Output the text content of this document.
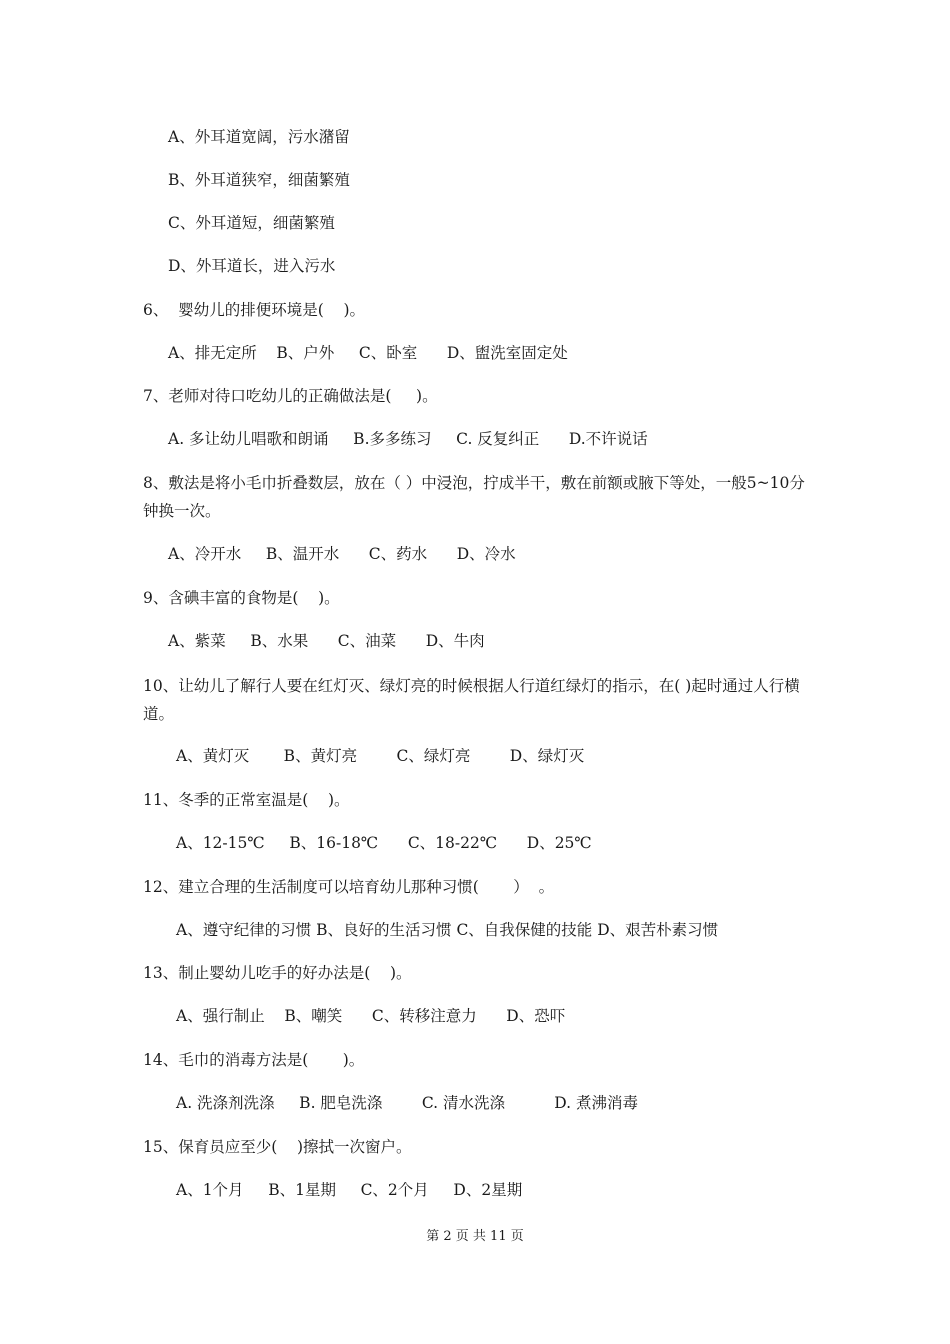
A、外耳道宽阔，污水潴留
B、外耳道狭窄，细菌繁殖
C、外耳道短，细菌繁殖
D、外耳道长，进入污水
6、  婴幼儿的排便环境是(    )。
A、排无定所    B、户外     C、卧室      D、盥洗室固定处
7、老师对待口吃幼儿的正确做法是(     )。
A. 多让幼儿唱歌和朗诵     B.多多练习     C. 反复纠正      D.不许说话
8、敷法是将小毛巾折叠数层，放在（ ）中浸泡，拧成半干，敷在前额或腋下等处，一般5~10分钟换一次。
A、冷开水     B、温开水      C、药水      D、冷水
9、含碘丰富的食物是(    )。
A、紫菜     B、水果      C、油菜      D、牛肉
10、让幼儿了解行人要在红灯灭、绿灯亮的时候根据人行道红绿灯的指示，在( )起时通过人行横道。
A、黄灯灭       B、黄灯亮        C、绿灯亮        D、绿灯灭
11、冬季的正常室温是(    )。
A、12-15℃     B、16-18℃      C、18-22℃      D、25℃
12、建立合理的生活制度可以培育幼儿那种习惯(       ）  。
A、遵守纪律的习惯 B、良好的生活习惯 C、自我保健的技能 D、艰苦朴素习惯
13、制止婴幼儿吃手的好办法是(    )。
A、强行制止    B、嘲笑      C、转移注意力      D、恐吓
14、毛巾的消毒方法是(       )。
A. 洗涤剂洗涤     B. 肥皂洗涤        C. 清水洗涤          D. 煮沸消毒
15、保育员应至少(    )擦拭一次窗户。
A、1个月     B、1星期     C、2个月     D、2星期
第 2 页 共 11 页
